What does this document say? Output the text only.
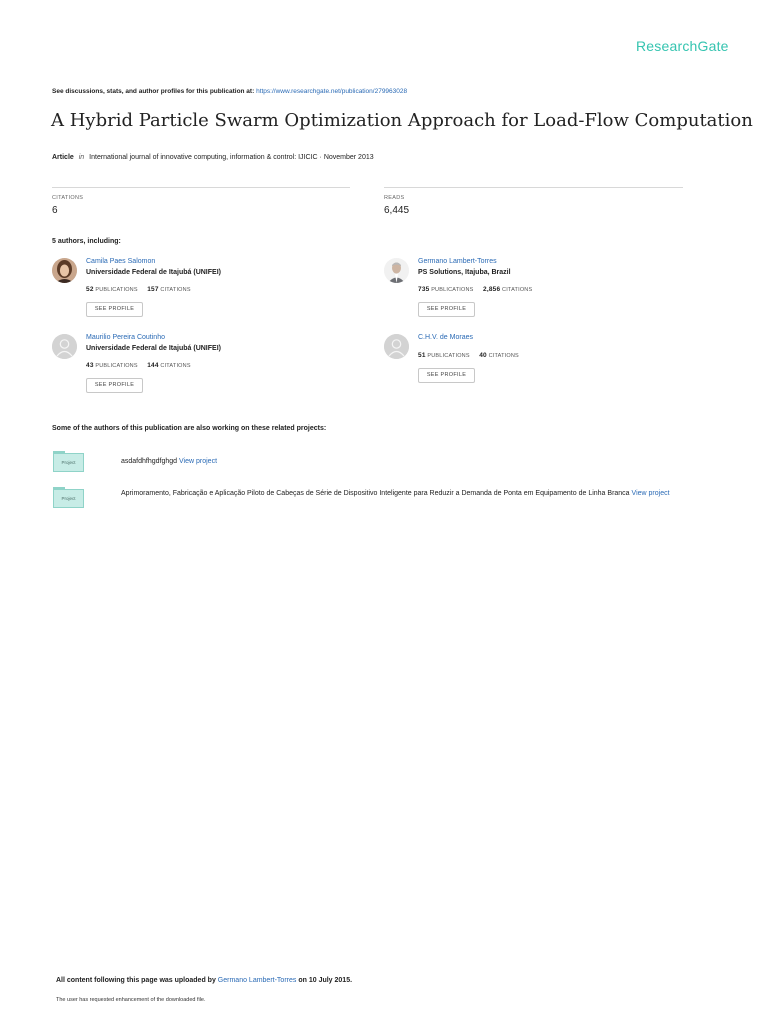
ResearchGate
See discussions, stats, and author profiles for this publication at: https://www.researchgate.net/publication/279963028
A Hybrid Particle Swarm Optimization Approach for Load-Flow Computation
Article in International journal of innovative computing, information & control: IJICIC · November 2013
CITATIONS
6
READS
6,445
5 authors, including:
Camila Paes Salomon
Universidade Federal de Itajubá (UNIFEI)
52 PUBLICATIONS 157 CITATIONS
SEE PROFILE
Germano Lambert-Torres
PS Solutions, Itajuba, Brazil
735 PUBLICATIONS 2,856 CITATIONS
SEE PROFILE
Maurilio Pereira Coutinho
Universidade Federal de Itajubá (UNIFEI)
43 PUBLICATIONS 144 CITATIONS
SEE PROFILE
C.H.V. de Moraes
51 PUBLICATIONS 40 CITATIONS
SEE PROFILE
Some of the authors of this publication are also working on these related projects:
Project	asdafdhfhgdfghgd View project
Project
Aprimoramento, Fabricação e Aplicação Piloto de Cabeças de Série de Dispositivo Inteligente para Reduzir a Demanda de Ponta em Equipamento de Linha Branca View project
All content following this page was uploaded by Germano Lambert-Torres on 10 July 2015.
The user has requested enhancement of the downloaded file.
